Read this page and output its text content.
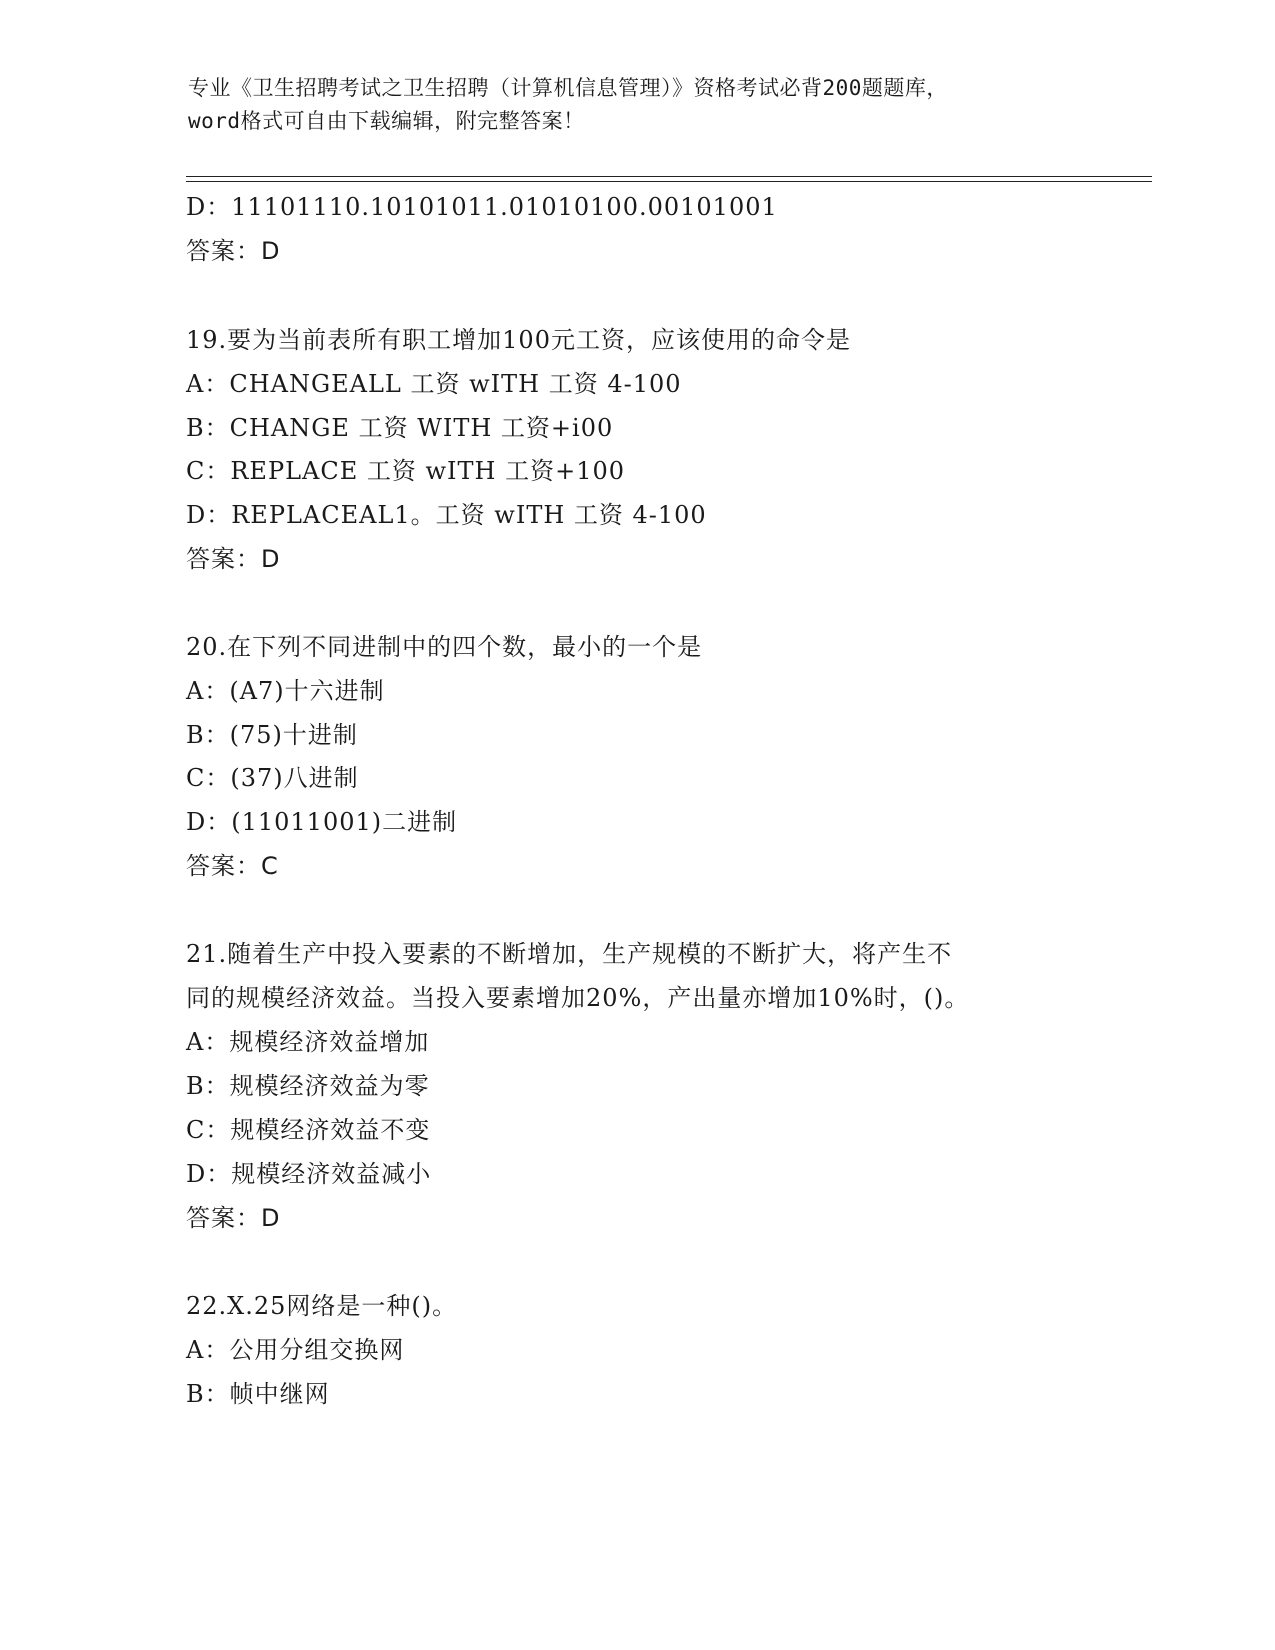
专业《卫生招聘考试之卫生招聘（计算机信息管理）》资格考试必背200题题库，
word格式可自由下载编辑，附完整答案！
D：11101110.10101011.01010100.00101001
答案：D
19.要为当前表所有职工增加100元工资，应该使用的命令是
A：CHANGEALL 工资 wITH 工资 4-100
B：CHANGE 工资 WITH 工资+i00
C：REPLACE 工资 wITH 工资+100
D：REPLACEAL1。工资 wITH 工资 4-100
答案：D
20.在下列不同进制中的四个数，最小的一个是
A：(A7)十六进制
B：(75)十进制
C：(37)八进制
D：(11011001)二进制
答案：C
21.随着生产中投入要素的不断增加，生产规模的不断扩大，将产生不
同的规模经济效益。当投入要素增加20%，产出量亦增加10%时，()。
A：规模经济效益增加
B：规模经济效益为零
C：规模经济效益不变
D：规模经济效益减小
答案：D
22.X.25网络是一种()。
A：公用分组交换网
B：帧中继网
